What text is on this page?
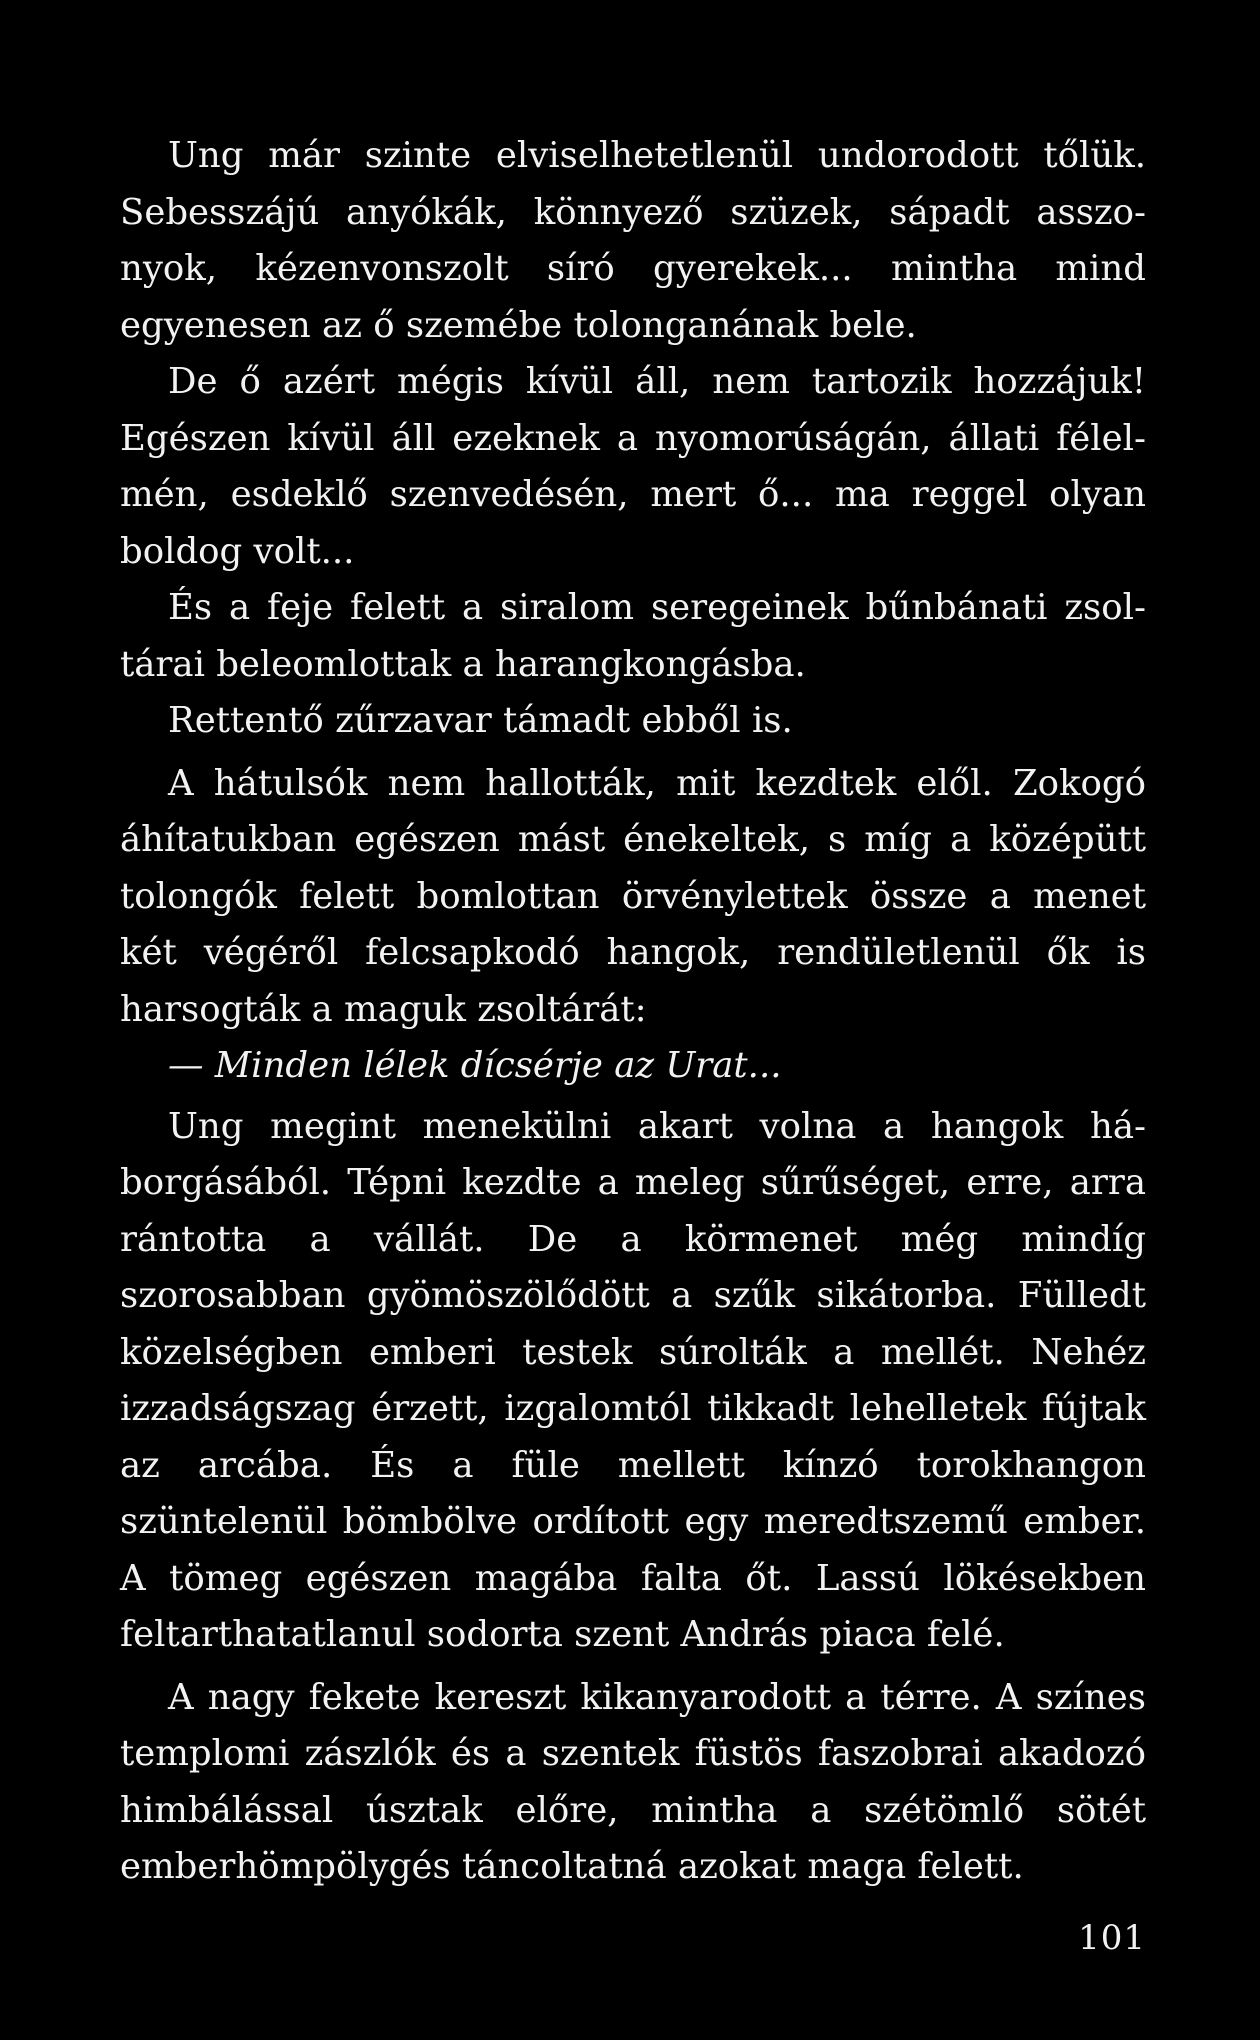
Ung már szinte elviselhetetlenül undorodott tőlük. Sebesszájú anyókák, könnyező szüzek, sápadt asszonyok, kézenvonszolt síró gyerekek... mintha mind egyenesen az ő szemébe tolonganának bele.

De ő azért mégis kívül áll, nem tartozik hozzájuk! Egészen kívül áll ezeknek a nyomorúságán, állati félelmén, esdeklő szenvedésén, mert ő... ma reggel olyan boldog volt...

És a feje felett a siralom seregeinek bűnbánati zsoltárai beleomlottak a harangkongásba.

Rettentő zűrzavar támadt ebből is.

A hátulsók nem hallották, mit kezdtek elől. Zokogó áhítatukban egészen mást énekeltek, s míg a középütt tolongók felett bomlottan örvénylettek össze a menet két végéről felcsapkodó hangok, rendületlenül ők is harsogták a maguk zsoltárát:

— Minden lélek dícsérje az Urat...

Ung megint menekülni akart volna a hangok háborgásából. Tépni kezdte a meleg sűrűséget, erre, arra rántotta a vállát. De a körmenet még mindíg szorosabban gyömöszölődött a szűk sikátorba. Fülledt közelségben emberi testek súrolták a mellét. Nehéz izzadságszag érzett, izgalomtól tikkadt lehelletek fújtak az arcába. És a füle mellett kínzó torokhangon szüntelenül bömbölve ordított egy meredtszemű ember. A tömeg egészen magába falta őt. Lassú lökésekben feltarthatatlanul sodorta szent András piaca felé.

A nagy fekete kereszt kikanyarodott a térre. A színes templomi zászlók és a szentek füstös faszobrai akadozó himbálással úsztak előre, mintha a szétömlő sötét emberhömpölygés táncoltatná azokat maga felett.

101
